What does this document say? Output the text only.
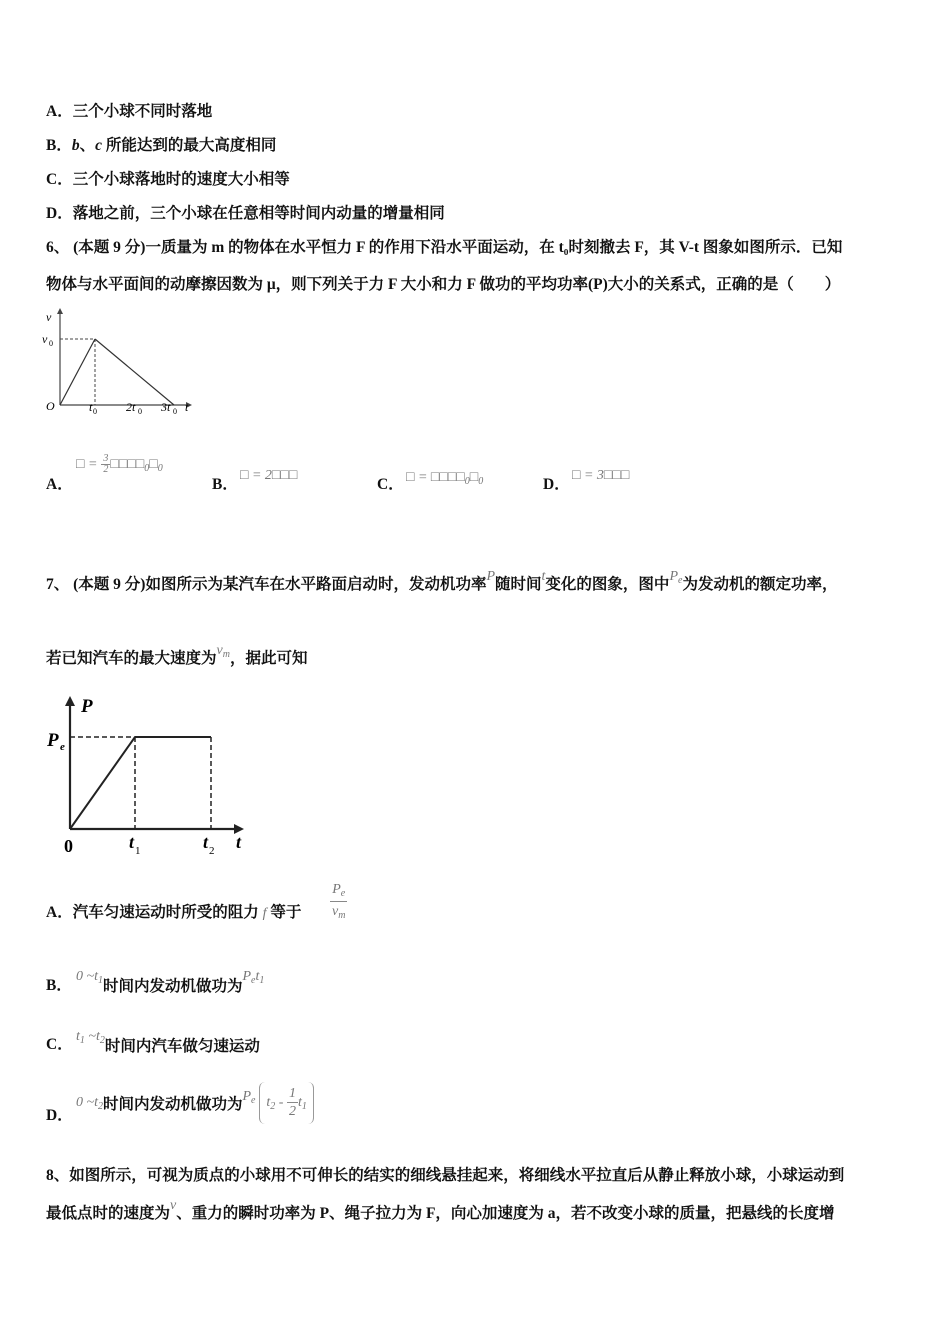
A．三个小球不同时落地
B．b、c 所能达到的最大高度相同
C．三个小球落地时的速度大小相等
D．落地之前，三个小球在任意相等时间内动量的增量相同
6、 (本题 9 分)一质量为 m 的物体在水平恒力 F 的作用下沿水平面运动，在 t₀时刻撤去 F，其 V-t 图象如图所示．已知
物体与水平面间的动摩擦因数为 μ，则下列关于力 F 大小和力 F 做功的平均功率(P)大小的关系式，正确的是（　　）
v
v 0
O	t 0 2t 0 3t 0 t
A．
□ = $\frac{3}{2}$ □□□□0□0
B．
□ = 2□□□
C． □ = □□□□0□0	D．
□ = 3□□□
7、 (本题 9 分)如图所示为某汽车在水平路面启动时，发动机功率P随时间t变化的图象，图中$P_e$为发动机的额定功率，
若已知汽车的最大速度为$v_m$，据此可知
P
P e
0	t 1	t 2 t
A．汽车匀速运动时所受的阻力 f 等于 $\frac{P_e}{v_m}$
B．
0 $\sim t_1$时间内发动机做功为$P_et_1$
C． $t_1$ $\sim t_2$时间内汽车做匀速运动
D．
0 $\sim t_2$时间内发动机做功为$P_e$ $t_2 - \frac{1}{2} t_1$
8、如图所示，可视为质点的小球用不可伸长的结实的细线悬挂起来，将细线水平拉直后从静止释放小球，小球运动到
最低点时的速度为v、重力的瞬时功率为 P、绳子拉力为 F，向心加速度为 a，若不改变小球的质量，把悬线的长度增
